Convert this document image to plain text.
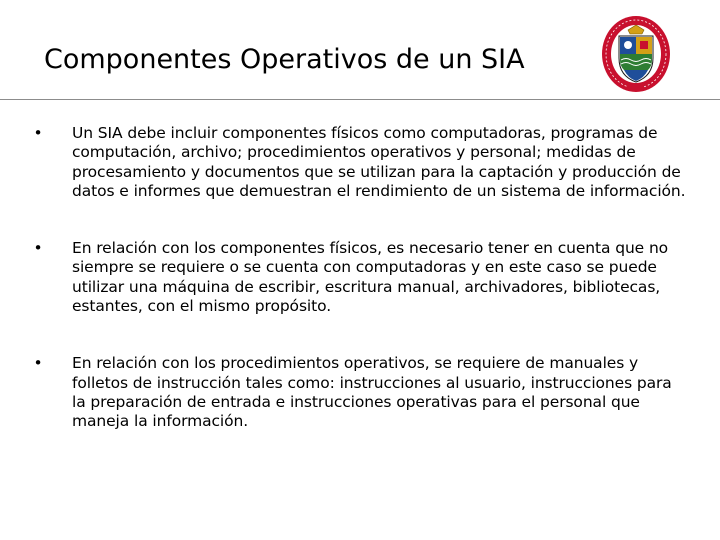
Componentes Operativos de un SIA
•	Un SIA debe incluir componentes físicos como computadoras, programas de computación, archivo; procedimientos operativos y personal; medidas de procesamiento y documentos que se utilizan para la captación y producción de datos e informes que demuestran el rendimiento de un sistema de información.
•	En relación con los componentes físicos, es necesario tener en cuenta que no siempre se requiere o se cuenta con computadoras y en este caso se puede utilizar una máquina de escribir, escritura manual, archivadores, bibliotecas, estantes, con el mismo propósito.
•	En relación con los procedimientos operativos, se requiere de manuales y folletos de instrucción tales como: instrucciones al usuario, instrucciones para la preparación de entrada e instrucciones operativas para el personal que maneja la información.
